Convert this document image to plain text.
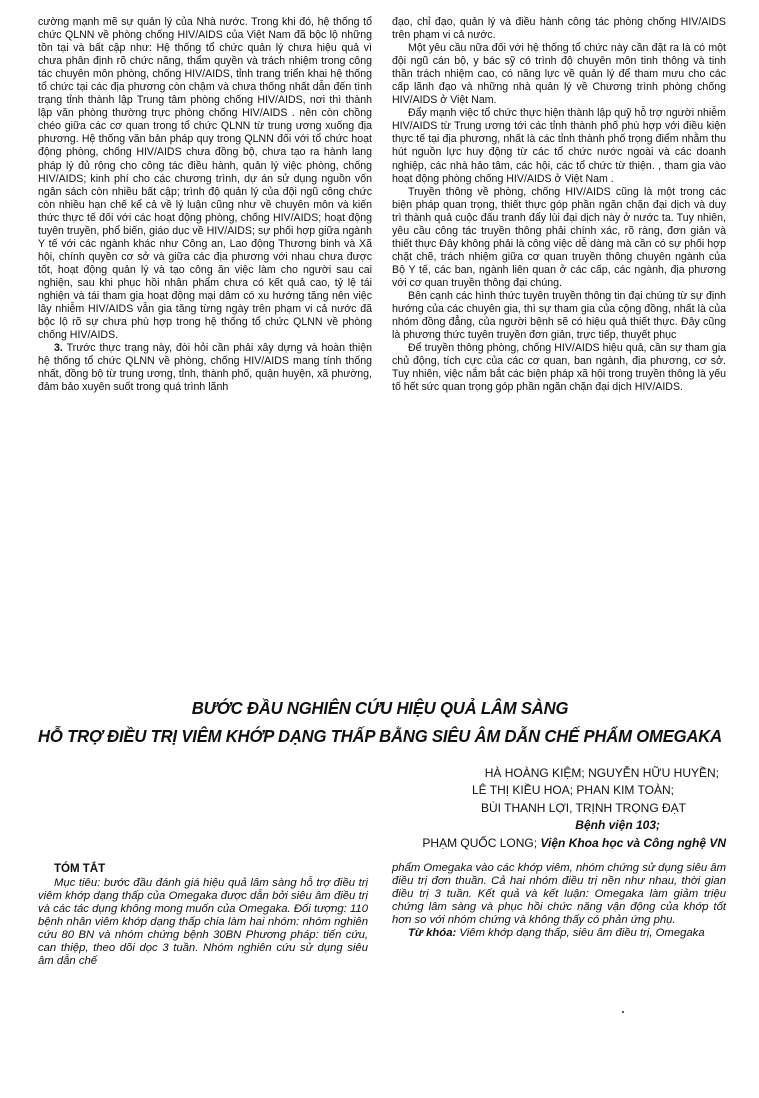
cường mạnh mẽ sự quản lý của Nhà nước. Trong khi đó, hệ thống tổ chức QLNN về phòng chống HIV/AIDS của Việt Nam đã bộc lộ những tồn tại và bất cập như: Hệ thống tổ chức quản lý chưa hiệu quả vì chưa phân định rõ chức năng, thẩm quyền và trách nhiệm trong công tác chuyên môn phòng, chống HIV/AIDS, tỉnh trang triển khai hệ thống tổ chức tại các địa phương còn chậm và chưa thống nhất dẫn đến tình trạng tỉnh thành lập Trung tâm phòng chống HIV/AIDS, nơi thì thành lập văn phòng thường trực phòng chống HIV/AIDS . nên còn chồng chéo giữa các cơ quan trong tổ chức QLNN từ trung ương xuống địa phương. Hệ thống văn bản pháp quy trong QLNN đối với tổ chức hoạt động phòng, chống HIV/AIDS chưa đồng bộ, chưa tạo ra hành lang pháp lý đủ rộng cho công tác điều hành, quản lý việc phòng, chống HIV/AIDS; kinh phí cho các chương trình, dự án sử dụng nguồn vốn ngân sách còn nhiều bất cập; trình độ quản lý của đội ngũ công chức còn nhiều hạn chế kể cả về lý luận cũng như về chuyên môn và kiến thức thực tế đối với các hoạt động phòng, chống HIV/AIDS; hoạt động tuyên truyền, phổ biến, giáo dục về HIV/AIDS; sự phối hợp giữa ngành Y tế với các ngành khác như Công an, Lao động Thương binh và Xã hội, chính quyền cơ sở và giữa các địa phương với nhau chưa được tốt, hoạt động quản lý và tạo công ăn việc làm cho người sau cai nghiện, sau khi phục hồi nhân phẩm chưa có kết quả cao, tỷ lệ tái nghiện và tái tham gia hoạt động mại dâm có xu hướng tăng nên việc lây nhiễm HIV/AIDS vẫn gia tăng từng ngày trên phạm vi cả nước đã bộc lộ rõ sự chưa phù hợp trong hệ thống tổ chức QLNN về phòng chống HIV/AIDS.

3. Trước thực trạng này, đòi hỏi cần phải xây dựng và hoàn thiện hệ thống tổ chức QLNN về phòng, chống HIV/AIDS mang tính thống nhất, đồng bộ từ trung ương, tỉnh, thành phố, quận huyện, xã phường, đảm bảo xuyên suốt trong quá trình lãnh

đạo, chỉ đạo, quản lý và điều hành công tác phòng chống HIV/AIDS trên phạm vi cả nước.

Một yêu cầu nữa đối với hệ thống tổ chức này cần đặt ra là có một đội ngũ cán bộ, y bác sỹ có trình độ chuyên môn tinh thông và tinh thần trách nhiệm cao, có năng lực về quản lý để tham mưu cho các cấp lãnh đạo và những nhà quản lý về Chương trình phòng chống HIV/AIDS ở Việt Nam.

Đẩy mạnh việc tổ chức thực hiện thành lập quỹ hỗ trợ người nhiễm HIV/AIDS từ Trung ương tới các tỉnh thành phố phù hợp với điều kiện thực tế tại địa phương, nhất là các tỉnh thành phố trọng điểm nhằm thu hút nguồn lực huy động từ các tổ chức nước ngoài và các doanh nghiệp, các nhà hảo tâm, các hội, các tổ chức từ thiện. , tham gia vào hoạt động phòng chống HIV/AIDS ở Việt Nam .

Truyền thông về phòng, chống HIV/AIDS cũng là một trong các biện pháp quan trọng, thiết thực góp phần ngăn chặn đại dịch và duy trì thành quả cuộc đấu tranh đẩy lùi đại dịch này ở nước ta. Tuy nhiên, yêu cầu công tác truyền thông phải chính xác, rõ ràng, đơn giản và thiết thực Đây không phải là công việc dễ dàng mà cần có sự phối hợp chặt chẽ, trách nhiệm giữa cơ quan truyền thông chuyên ngành của Bộ Y tế, các ban, ngành liên quan ở các cấp, các ngành, địa phương với cơ quan truyền thông đại chúng.

Bên cạnh các hình thức tuyên truyền thông tin đại chúng từ sự định hướng của các chuyên gia, thì sự tham gia của cộng đồng, nhất là của nhóm đồng đẳng, của người bệnh sẽ có hiệu quả thiết thực. Đây cũng là phương thức tuyên truyền đơn giản, trực tiếp, thuyết phục

Để truyền thông phòng, chống HIV/AIDS hiệu quả, cần sự tham gia chủ động, tích cực của các cơ quan, ban ngành, địa phương, cơ sở. Tuy nhiên, việc nắm bắt các biện pháp xã hội trong truyền thông là yếu tố hết sức quan trọng góp phần ngăn chặn đại dịch HIV/AIDS.

BƯỚC ĐẦU NGHIÊN CỨU HIỆU QUẢ LÂM SÀNG
HỖ TRỢ ĐIỀU TRỊ VIÊM KHỚP DẠNG THẤP BẰNG SIÊU ÂM DẪN CHẾ PHẨM OMEGAKA
HÀ HOÀNG KIỆM; NGUYỄN HỮU HUYỀN;
LÊ THỊ KIỀU HOA; PHAN KIM TOÀN;
BÙI THANH LỢI, TRỊNH TRỌNG ĐẠT
Bệnh viện 103;
PHẠM QUỐC LONG; Viện Khoa học và Công nghệ VN
TÓM TẮT

Mục tiêu: bước đầu đánh giá hiệu quả lâm sàng hỗ trợ điều trị viêm khớp dạng thấp của Omegaka được dẫn bởi siêu âm điều trị và các tác dụng không mong muốn của Omegaka. Đối tượng: 110 bệnh nhân viêm khớp dạng thấp chia làm hai nhóm: nhóm nghiên cứu 80 BN và nhóm chứng bệnh 30BN Phương pháp: tiến cứu, can thiệp, theo dõi dọc 3 tuần. Nhóm nghiên cứu sử dụng siêu âm dẫn chế

phẩm Omegaka vào các khớp viêm, nhóm chứng sử dụng siêu âm điều trị đơn thuần. Cả hai nhóm điều trị nền như nhau, thời gian điều trị 3 tuần. Kết quả và kết luận: Omegaka làm giảm triệu chứng lâm sàng và phục hồi chức năng vận động của khớp tốt hơn so với nhóm chứng và không thấy có phản ứng phụ.

Từ khóa: Viêm khớp dạng thấp, siêu âm điều trị, Omegaka
